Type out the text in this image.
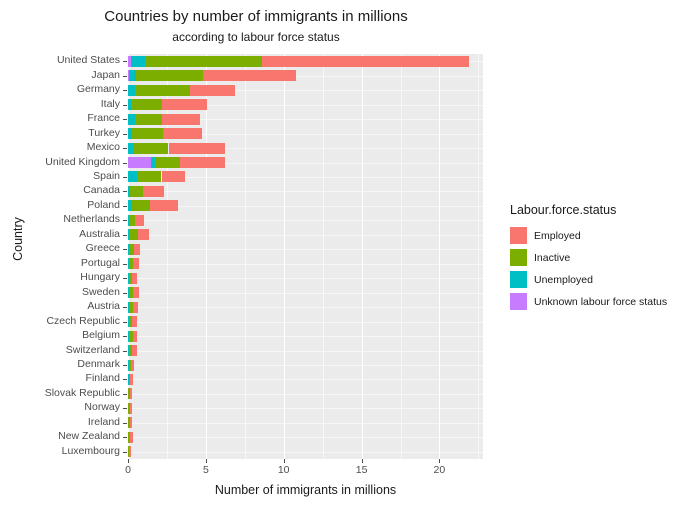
Countries by number of immigrants in millions
according to labour force status
Country
Number of immigrants in millions
United States
Japan
Germany
Italy
France
Turkey
Mexico
United Kingdom
Spain
Canada
Poland
Netherlands
Australia
Greece
Portugal
Hungary
Sweden
Austria
Czech Republic
Belgium
Switzerland
Denmark
Finland
Slovak Republic
Norway
Ireland
New Zealand
Luxembourg
0	5	10	15	20
Labour.force.status
Employed
Inactive
Unemployed
Unknown labour force status
